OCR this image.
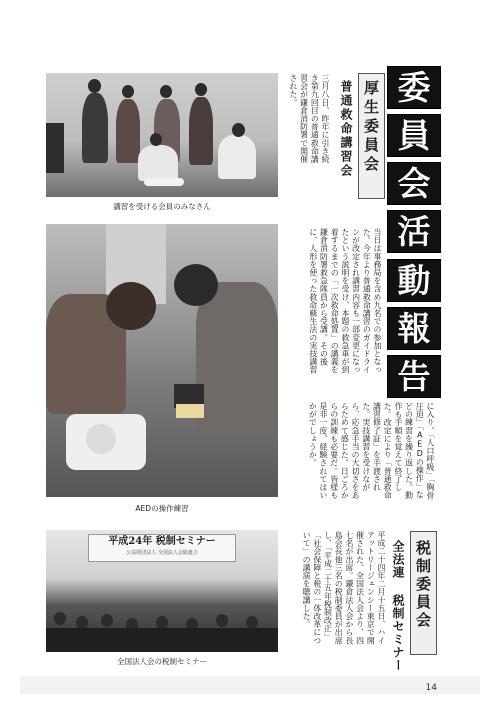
委
員
会
活
動
報
告
厚生委員会
普通救命講習会
三月八日、昨年に引き続き第九回目の普通救命講習会が鎌倉消防署で開催された。
講習を受ける会員のみなさん
AEDの操作練習
当日は事務局を含め九名での参加となった。今年より普通救命講習のガイドラインが改定され講習内容も一部変更になったという説明を受け、本題の救急車が到着するまでの「一次救命処置」の講義を鎌倉消防署救急隊員から受講。その後に、人形を使った救命蘇生法の実技講習
に入り、「人口呼吸」「胸骨圧迫」「AEDの操作」などの練習を繰り返した。動作も手順を覚えて終了した。改定により「普通救命講習修了証」を手渡された。実技講習を受けながら、応急手当の大切さをあらためて感じた。日ごろからの訓練も必要だ。皆様も是非一度、経験されてはいかがでしょうか。
税制委員会
全法連 税制セミナー
平成二十四年二月十五日、ハイアットリージェンシー東京で開催された、全国法人会より、四七名が出席。鎌倉法人会から長島会長他三名の税制委員が出席し、「平成二十五年税制改正」「社会保障と税の一体改革について」の講演を聴講した。
平成24年 税制セミナー
公益財団法人 全国法人会総連合
全国法人会の税制セミナー
14
